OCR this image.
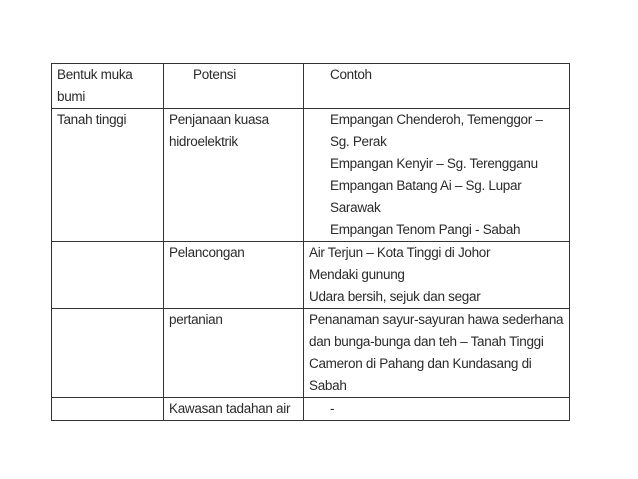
Bentuk muka bumi	Potensi	Contoh
Tanah tinggi	Penjanaan kuasa hidroelektrik	Empangan Chenderoh, Temenggor – Sg. Perak
Empangan Kenyir – Sg. Terengganu
Empangan Batang Ai – Sg. Lupar Sarawak
Empangan Tenom Pangi - Sabah

	Pelancongan	Air Terjun – Kota Tinggi di Johor
Mendaki gunung
Udara bersih, sejuk dan segar

	pertanian	Penanaman sayur-sayuran hawa sederhana dan bunga-bunga dan teh – Tanah Tinggi Cameron di Pahang dan Kundasang di Sabah

	Kawasan tadahan air	-
